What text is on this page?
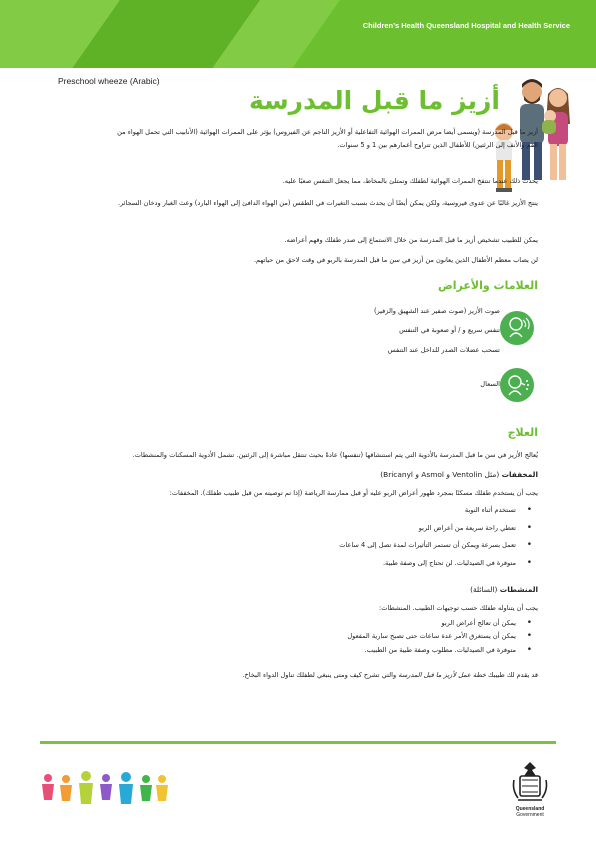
Children’s Health Queensland Hospital and Health Service
Preschool wheeze (Arabic)
أزيز ما قبل المدرسة
أزيز ما قبل المدرسة (ويسمى أيضا مرض الممرات الهوائية التفاعلية أو الأزيز الناجم عن الفيروس) يؤثر على الممرات الهوائية (الأنابيب التي تحمل الهواء من الفم والأنف إلى الرئتين) للأطفال الذين تتراوح أعمارهم بين 1 و 5 سنوات.
يحدث ذلك عندما تنتفخ الممرات الهوائية لطفلك وتمتلئ بالمخاط، مما يجعل التنفس صعبًا عليه.
ينتج الأزيز غالبًا عن عدوى فيروسية، ولكن يمكن أيضًا أن يحدث بسبب التغيرات في الطقس (من الهواء الدافئ إلى الهواء البارد) وعث الغبار ودخان السجائر.
يمكن للطبيب تشخيص أزيز ما قبل المدرسة من خلال الاستماع إلى صدر طفلك وفهم أعراضه.
لن يصاب معظم الأطفال الذين يعانون من أزيز في سن ما قبل المدرسة بالربو في وقت لاحق من حياتهم.
العلامات والأعراض
صوت الأزيز (صوت صفير عند الشهيق والزفير)
تنفس سريع و / أو صعوبة في التنفس
تسحب عضلات الصدر للداخل عند التنفس
السعال
العلاج
يُعالج الأزيز في سن ما قبل المدرسة بالأدوية التي يتم استنشاقها (تنفسها) عادةً بحيث تنتقل مباشرة إلى الرئتين. تشمل الأدوية المسكنات والمنشطات.
المخففات (مثل Ventolin و Asmol و Bricanyl)
يجب أن يستخدم طفلك مسكنًا بمجرد ظهور أعراض الربو عليه أو قبل ممارسة الرياضة (إذا تم توصيته من قبل طبيب طفلك). المخففات:
• تستخدم أثناء النوبة
• تعطي راحة سريعة من أعراض الربو
• تعمل بسرعة ويمكن أن تستمر التأثيرات لمدة تصل إلى 4 ساعات
• متوفرة في الصيدليات. لن تحتاج إلى وصفة طبية.
المنشطات (السائلة)
يجب أن يتناوله طفلك حسب توجيهات الطبيب. المنشطات:
• يمكن أن تعالج أعراض الربو
• يمكن أن يستغرق الأمر عدة ساعات حتى تصبح سارية المفعول
• متوفرة في الصيدليات. مطلوب وصفة طبية من الطبيب.
قد يقدم لك طبيبك خطة عمل لأزيز ما قبل المدرسة والتي تشرح كيف ومتى ينبغي لطفلك تناول الدواء البخاخ.
Queensland
Government
